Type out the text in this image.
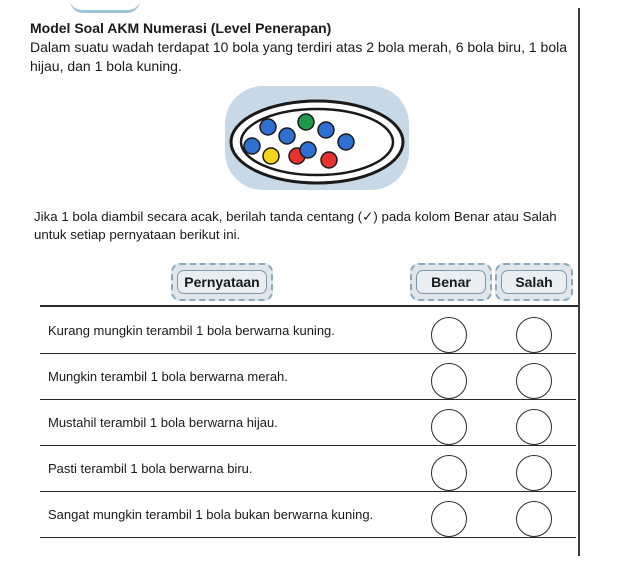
Model Soal AKM Numerasi (Level Penerapan)
Dalam suatu wadah terdapat 10 bola yang terdiri atas 2 bola merah, 6 bola biru, 1 bola
hijau, dan 1 bola kuning.
Jika 1 bola diambil secara acak, berilah tanda centang (✓) pada kolom Benar atau Salah
untuk setiap pernyataan berikut ini.
Pernyataan	Benar	Salah
Kurang mungkin terambil 1 bola berwarna kuning.
Mungkin terambil 1 bola berwarna merah.
Mustahil terambil 1 bola berwarna hijau.
Pasti terambil 1 bola berwarna biru.
Sangat mungkin terambil 1 bola bukan berwarna kuning.
